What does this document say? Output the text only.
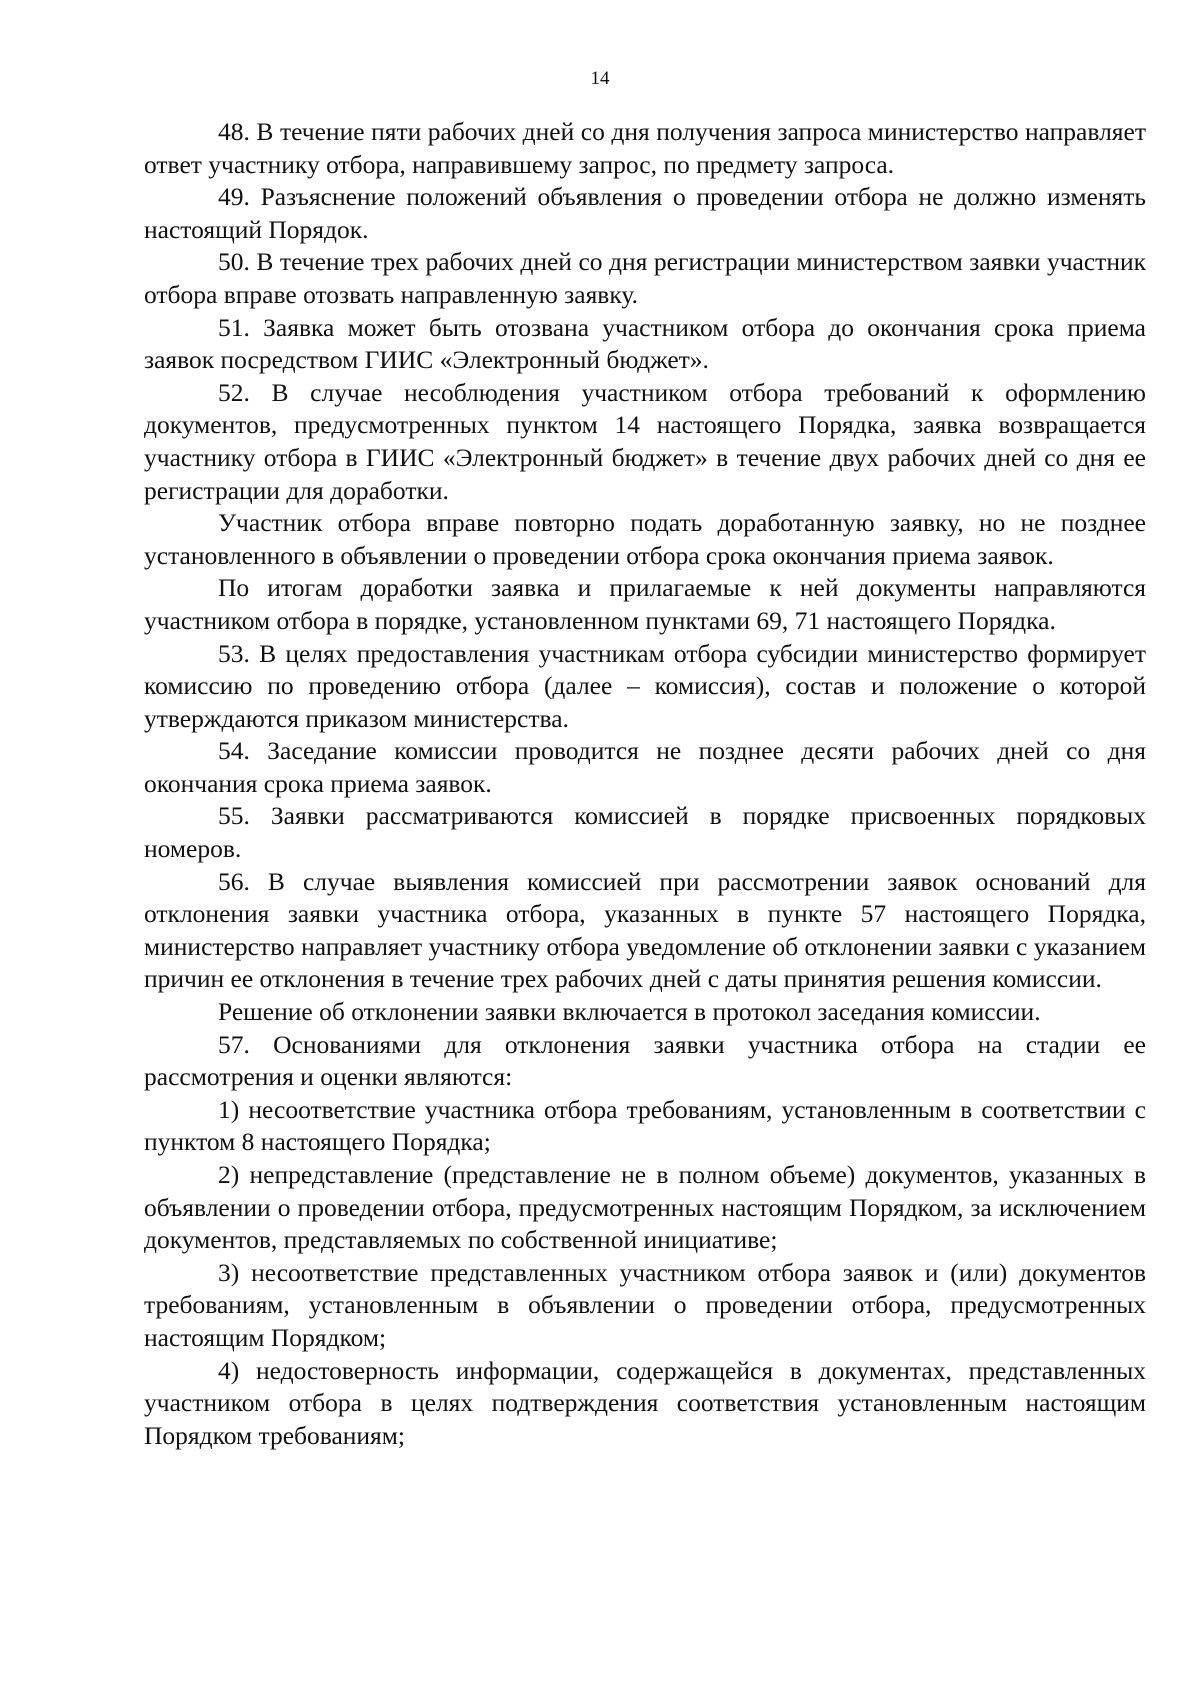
14

48. В течение пяти рабочих дней со дня получения запроса министерство направляет ответ участнику отбора, направившему запрос, по предмету запроса.

49. Разъяснение положений объявления о проведении отбора не должно изменять настоящий Порядок.

50. В течение трех рабочих дней со дня регистрации министерством заявки участник отбора вправе отозвать направленную заявку.

51. Заявка может быть отозвана участником отбора до окончания срока приема заявок посредством ГИИС «Электронный бюджет».

52. В случае несоблюдения участником отбора требований к оформлению документов, предусмотренных пунктом 14 настоящего Порядка, заявка возвращается участнику отбора в ГИИС «Электронный бюджет» в течение двух рабочих дней со дня ее регистрации для доработки.

Участник отбора вправе повторно подать доработанную заявку, но не позднее установленного в объявлении о проведении отбора срока окончания приема заявок.

По итогам доработки заявка и прилагаемые к ней документы направляются участником отбора в порядке, установленном пунктами 69, 71 настоящего Порядка.

53. В целях предоставления участникам отбора субсидии министерство формирует комиссию по проведению отбора (далее – комиссия), состав и положение о которой утверждаются приказом министерства.

54. Заседание комиссии проводится не позднее десяти рабочих дней со дня окончания срока приема заявок.

55. Заявки рассматриваются комиссией в порядке присвоенных порядковых номеров.

56. В случае выявления комиссией при рассмотрении заявок оснований для отклонения заявки участника отбора, указанных в пункте 57 настоящего Порядка, министерство направляет участнику отбора уведомление об отклонении заявки с указанием причин ее отклонения в течение трех рабочих дней с даты принятия решения комиссии.

Решение об отклонении заявки включается в протокол заседания комиссии.

57. Основаниями для отклонения заявки участника отбора на стадии ее рассмотрения и оценки являются:

1) несоответствие участника отбора требованиям, установленным в соответствии с пунктом 8 настоящего Порядка;

2) непредставление (представление не в полном объеме) документов, указанных в объявлении о проведении отбора, предусмотренных настоящим Порядком, за исключением документов, представляемых по собственной инициативе;

3) несоответствие представленных участником отбора заявок и (или) документов требованиям, установленным в объявлении о проведении отбора, предусмотренных настоящим Порядком;

4) недостоверность информации, содержащейся в документах, представленных участником отбора в целях подтверждения соответствия установленным настоящим Порядком требованиям;
